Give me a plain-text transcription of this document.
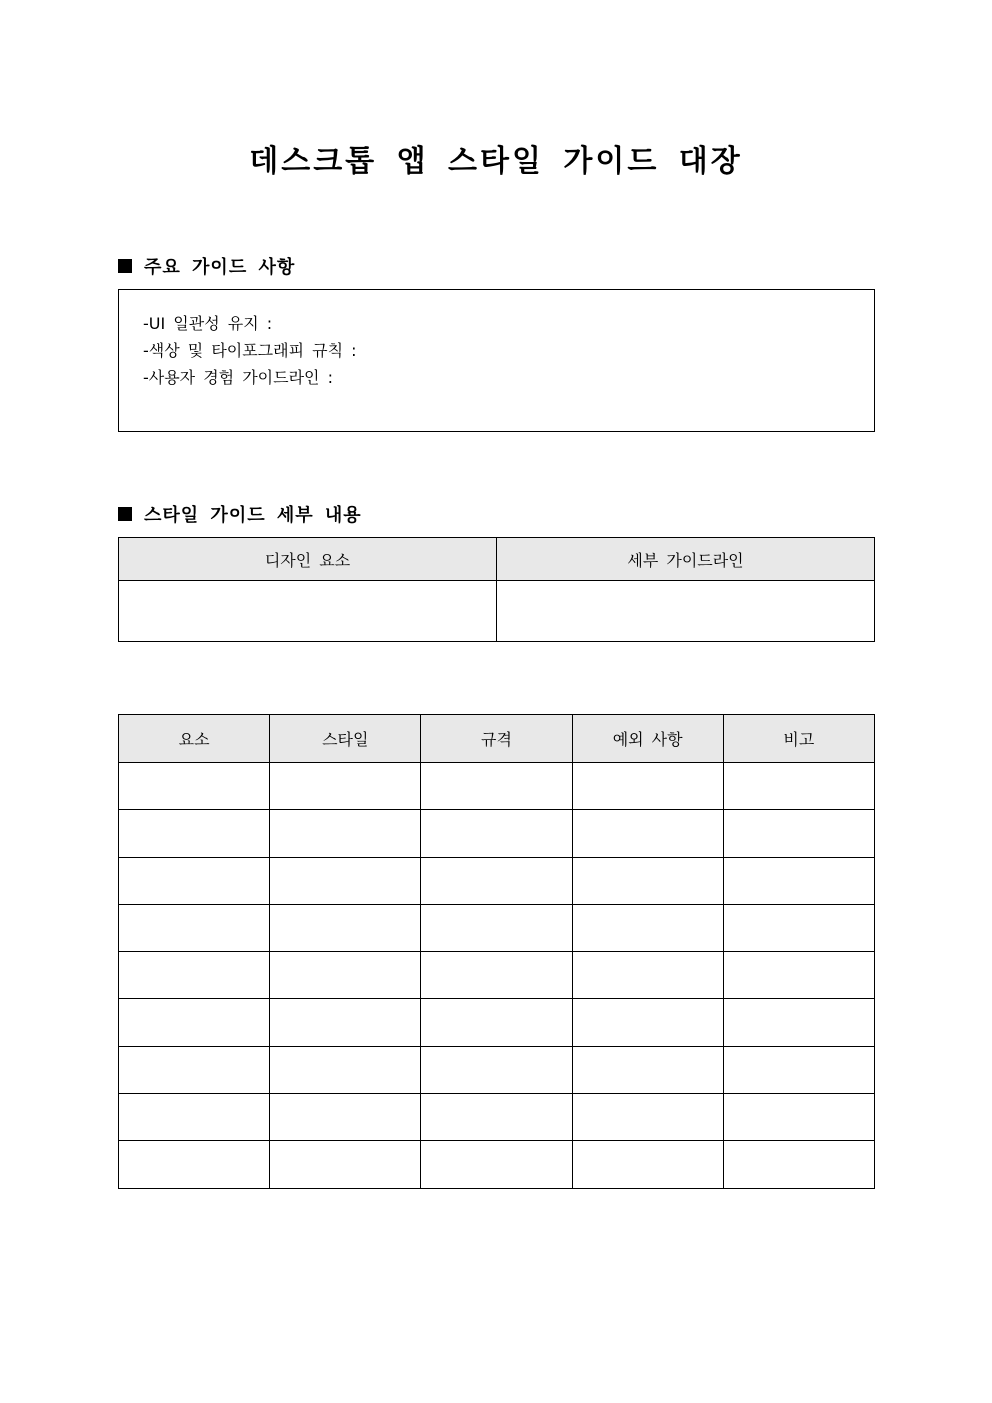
데스크톱 앱 스타일 가이드 대장
주요 가이드 사항
-UI 일관성 유지 :
-색상 및 타이포그래피 규칙 :
-사용자 경험 가이드라인 :
스타일 가이드 세부 내용
디자인 요소	세부 가이드라인

요소	스타일	규격	예외 사항	비고
